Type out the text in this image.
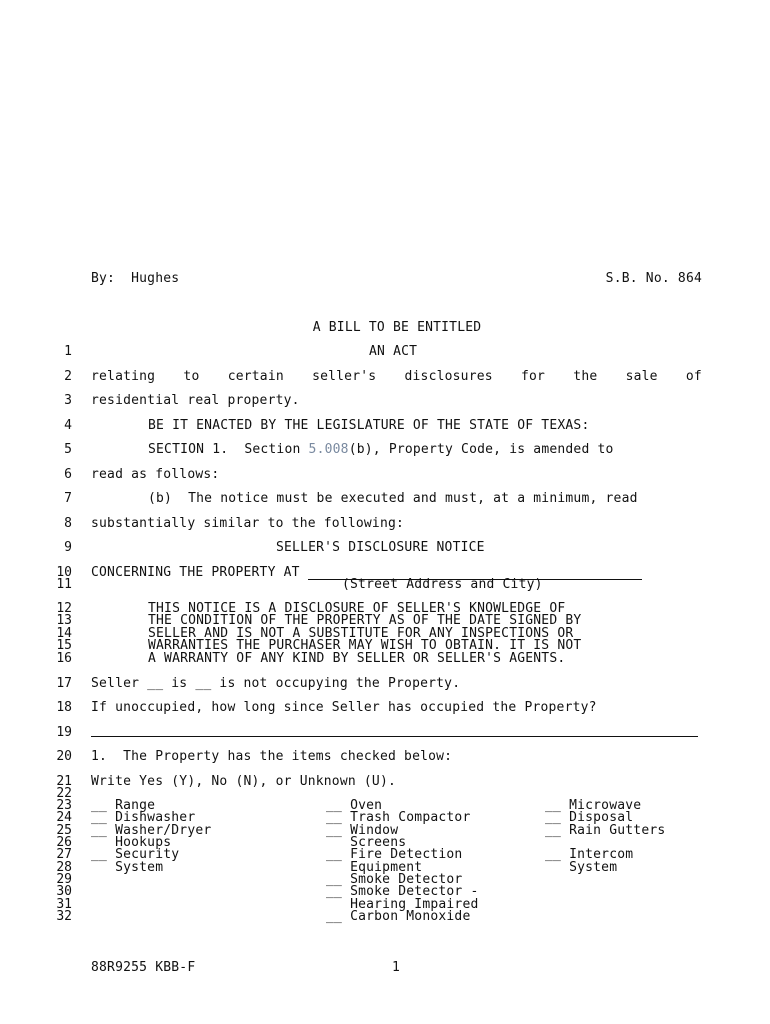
By:  Hughes	S.B. No. 864
A BILL TO BE ENTITLED
1
2
3
4
5
6
7
8
9
10
11
12
13
14
15
16
17
18
19
20
21
22
23
24
25
26
27
28
29
30
31
32
AN ACT
relating to certain seller's disclosures for the sale of
residential real property.
BE IT ENACTED BY THE LEGISLATURE OF THE STATE OF TEXAS:
SECTION 1.  Section 5.008(b), Property Code, is amended to
read as follows:
(b)  The notice must be executed and must, at a minimum, read
substantially similar to the following:
SELLER'S DISCLOSURE NOTICE
CONCERNING THE PROPERTY AT
(Street Address and City)
THIS NOTICE IS A DISCLOSURE OF SELLER'S KNOWLEDGE OF
THE CONDITION OF THE PROPERTY AS OF THE DATE SIGNED BY
SELLER AND IS NOT A SUBSTITUTE FOR ANY INSPECTIONS OR
WARRANTIES THE PURCHASER MAY WISH TO OBTAIN. IT IS NOT
A WARRANTY OF ANY KIND BY SELLER OR SELLER'S AGENTS.
Seller __ is __ is not occupying the Property.
If unoccupied, how long since Seller has occupied the Property?
1.  The Property has the items checked below:
Write Yes (Y), No (N), or Unknown (U).
__ Range
__ Dishwasher
__ Washer/Dryer
Hookups
__ Security
System
__ Oven
__ Trash Compactor
__ Window
Screens
__ Fire Detection
Equipment
__ Smoke Detector
__ Smoke Detector -
Hearing Impaired
__ Carbon Monoxide
__ Microwave
__ Disposal
__ Rain Gutters
__ Intercom
System
88R9255 KBB-F	1
